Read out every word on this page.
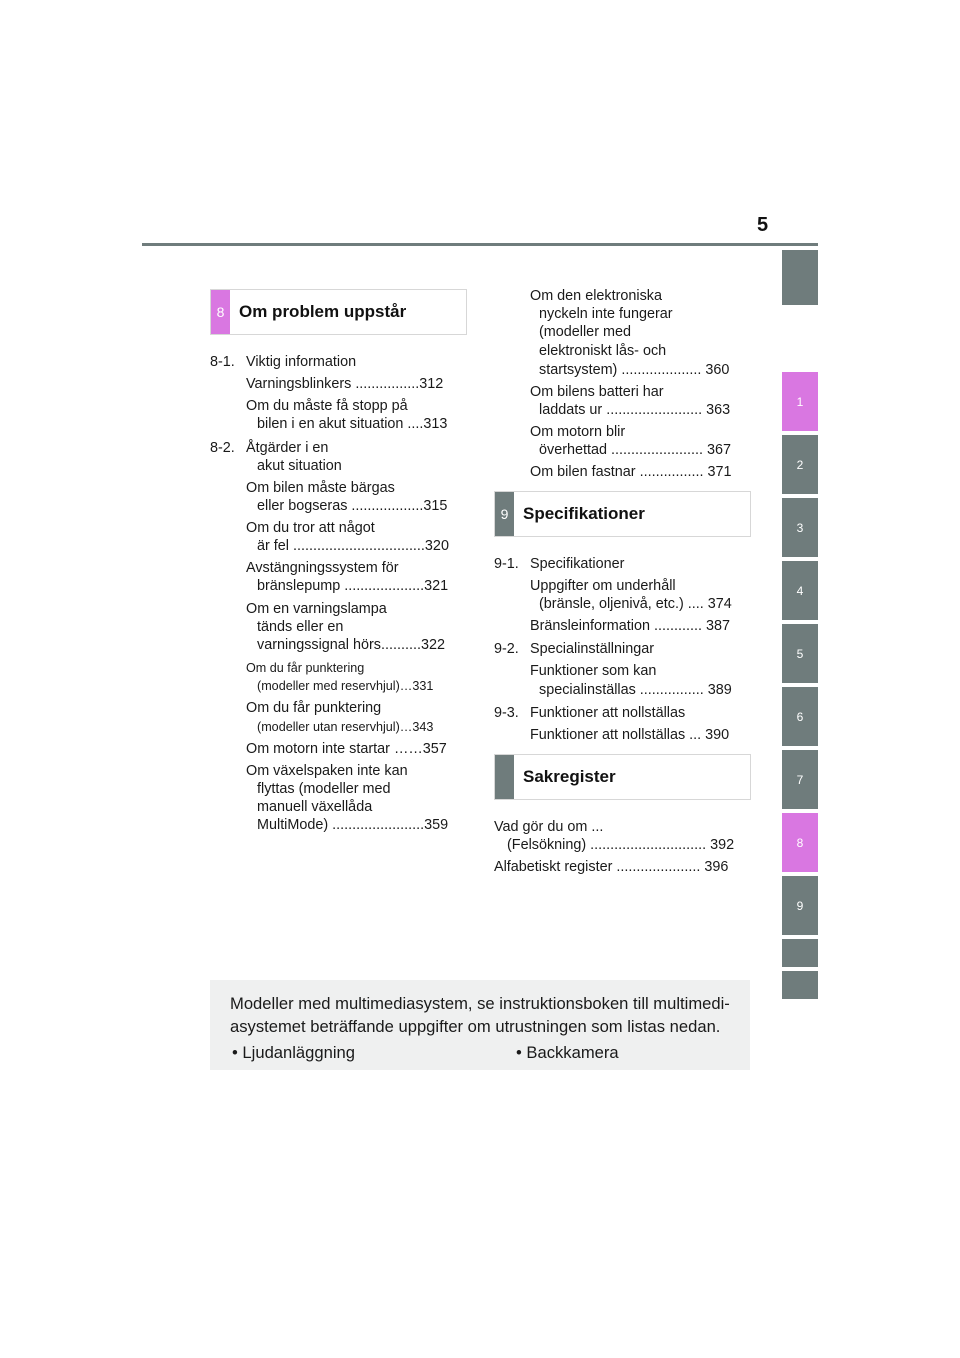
5
1
2
3
4
5
6
7
8
9
8 Om problem uppstår
8-1. Viktig information
Varningsblinkers ................312
Om du måste få stopp på
bilen i en akut situation ....313
8-2. Åtgärder i en
akut situation
Om bilen måste bärgas
eller bogseras ..................315
Om du tror att något
är fel .................................320
Avstängningssystem för
bränslepump ....................321
Om en varningslampa
tänds eller en
varningssignal hörs..........322
Om du får punktering
(modeller med reservhjul)…331
Om du får punktering
(modeller utan reservhjul)…343
Om motorn inte startar ……357
Om växelspaken inte kan
flyttas (modeller med
manuell växellåda
MultiMode) .......................359
Om den elektroniska
nyckeln inte fungerar
(modeller med
elektroniskt lås- och
startsystem) .................... 360
Om bilens batteri har
laddats ur ........................ 363
Om motorn blir
överhettad ....................... 367
Om bilen fastnar ................ 371
9 Specifikationer
9-1. Specifikationer
Uppgifter om underhåll
(bränsle, oljenivå, etc.) .... 374
Bränsleinformation ............ 387
9-2. Specialinställningar
Funktioner som kan
specialinställas ................ 389
9-3. Funktioner att nollställas
Funktioner att nollställas ... 390
Sakregister
Vad gör du om ...
(Felsökning) ............................. 392
Alfabetiskt register ..................... 396
Modeller med multimediasystem, se instruktionsboken till multimedi-asystemet beträffande uppgifter om utrustningen som listas nedan.
• Ljudanläggning	• Backkamera
